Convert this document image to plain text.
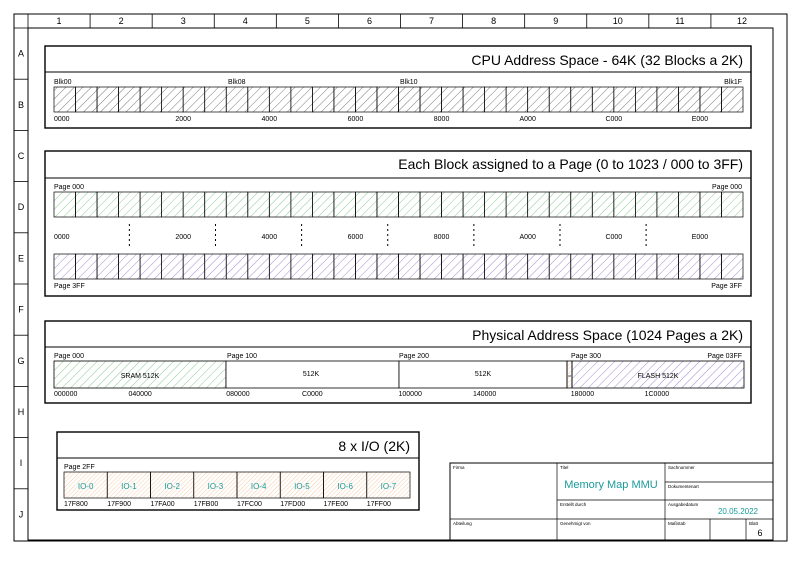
1	2	3	4	5	6	7	8	9	10	11	12
A
B
C
D
E
F
G
H
I
J
CPU Address Space - 64K (32 Blocks a 2K)
Blk00	Blk08	Blk10	Blk1F
0000	2000	4000	6000	8000	A000	C000	E000
Each Block assigned to a Page (0 to 1023 / 000 to 3FF)
Page 000	Page 000
0000	2000	4000	6000	8000	A000	C000	E000
Page 3FF	Page 3FF
Physical Address Space (1024 Pages a 2K)
Page 000	Page 100	Page 200	Page 300	Page 03FF
SRAM 512K	512K	512K	IO	FLASH 512K
000000	040000	080000	C0000	100000	140000	180000	1C0000
8 x I/O (2K)
Page 2FF
IO-0	IO-1	IO-2	IO-3	IO-4	IO-5	IO-6	IO-7
17F800	17F900	17FA00	17FB00	17FC00	17FD00	17FE00	17FF00
Firma	Titel
Memory Map MMU
Sachnummer
Dokumentenart
Erstellt durch	Ausgabedatum
20.05.2022
Abteilung	Genehmigt von	Maßstab	Blatt
6
